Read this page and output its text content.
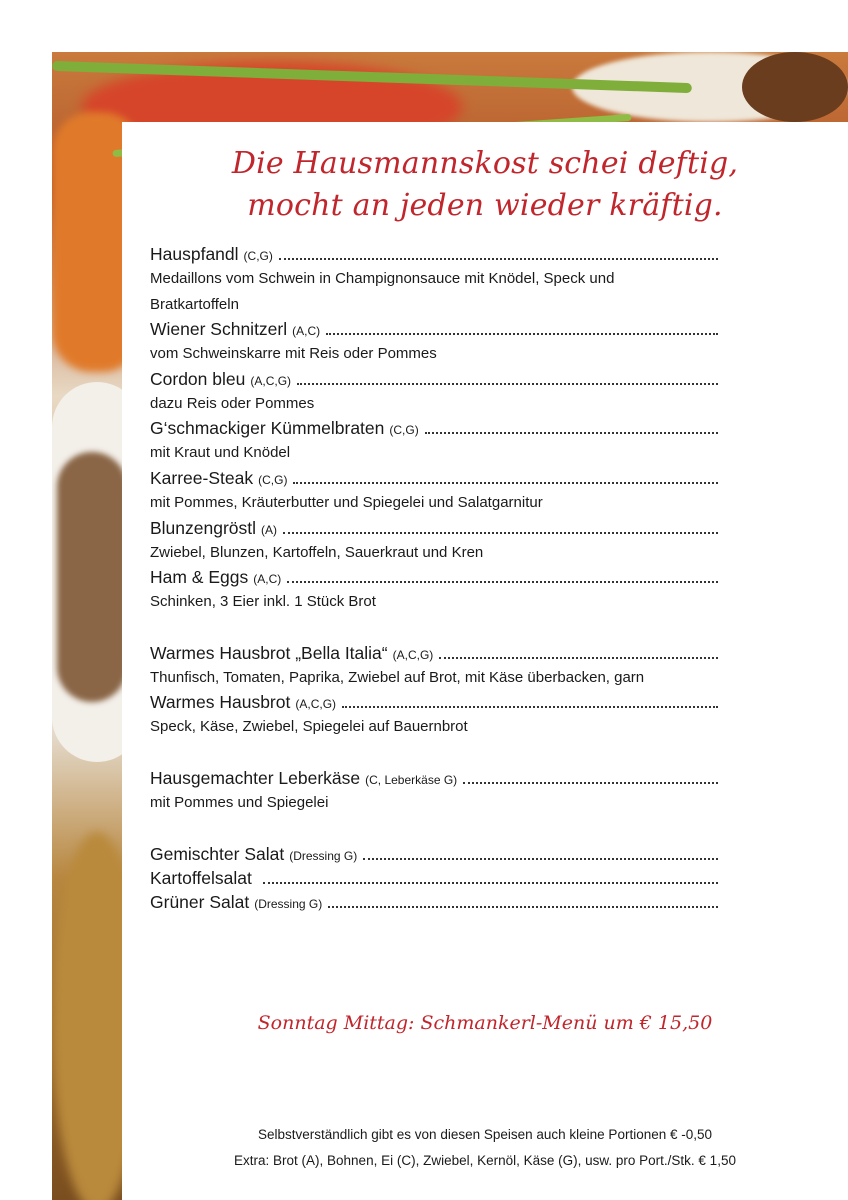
Die Hausmannskost schei deftig,
mocht an jeden wieder kräftig.
Hauspfandl (C,G)
Medaillons vom Schwein in Champignonsauce mit Knödel, Speck und
Bratkartoffeln
Wiener Schnitzerl (A,C)
vom Schweinskarre mit Reis oder Pommes
Cordon bleu (A,C,G)
dazu Reis oder Pommes
G‘schmackiger Kümmelbraten (C,G)
mit Kraut und Knödel
Karree-Steak (C,G)
mit Pommes, Kräuterbutter und Spiegelei und Salatgarnitur
Blunzengröstl (A)
Zwiebel, Blunzen, Kartoffeln, Sauerkraut und Kren
Ham & Eggs (A,C)
Schinken, 3 Eier inkl. 1 Stück Brot
Warmes Hausbrot „Bella Italia“ (A,C,G)
Thunfisch, Tomaten, Paprika, Zwiebel auf Brot, mit Käse überbacken, garn
Warmes Hausbrot (A,C,G)
Speck, Käse, Zwiebel, Spiegelei auf Bauernbrot
Hausgemachter Leberkäse (C, Leberkäse G)
mit Pommes und Spiegelei
Gemischter Salat (Dressing G)
Kartoffelsalat
Grüner Salat (Dressing G)
Sonntag Mittag: Schmankerl-Menü um € 15,50
Selbstverständlich gibt es von diesen Speisen auch kleine Portionen € -0,50
Extra: Brot (A), Bohnen, Ei (C), Zwiebel, Kernöl, Käse (G), usw. pro Port./Stk. € 1,50
